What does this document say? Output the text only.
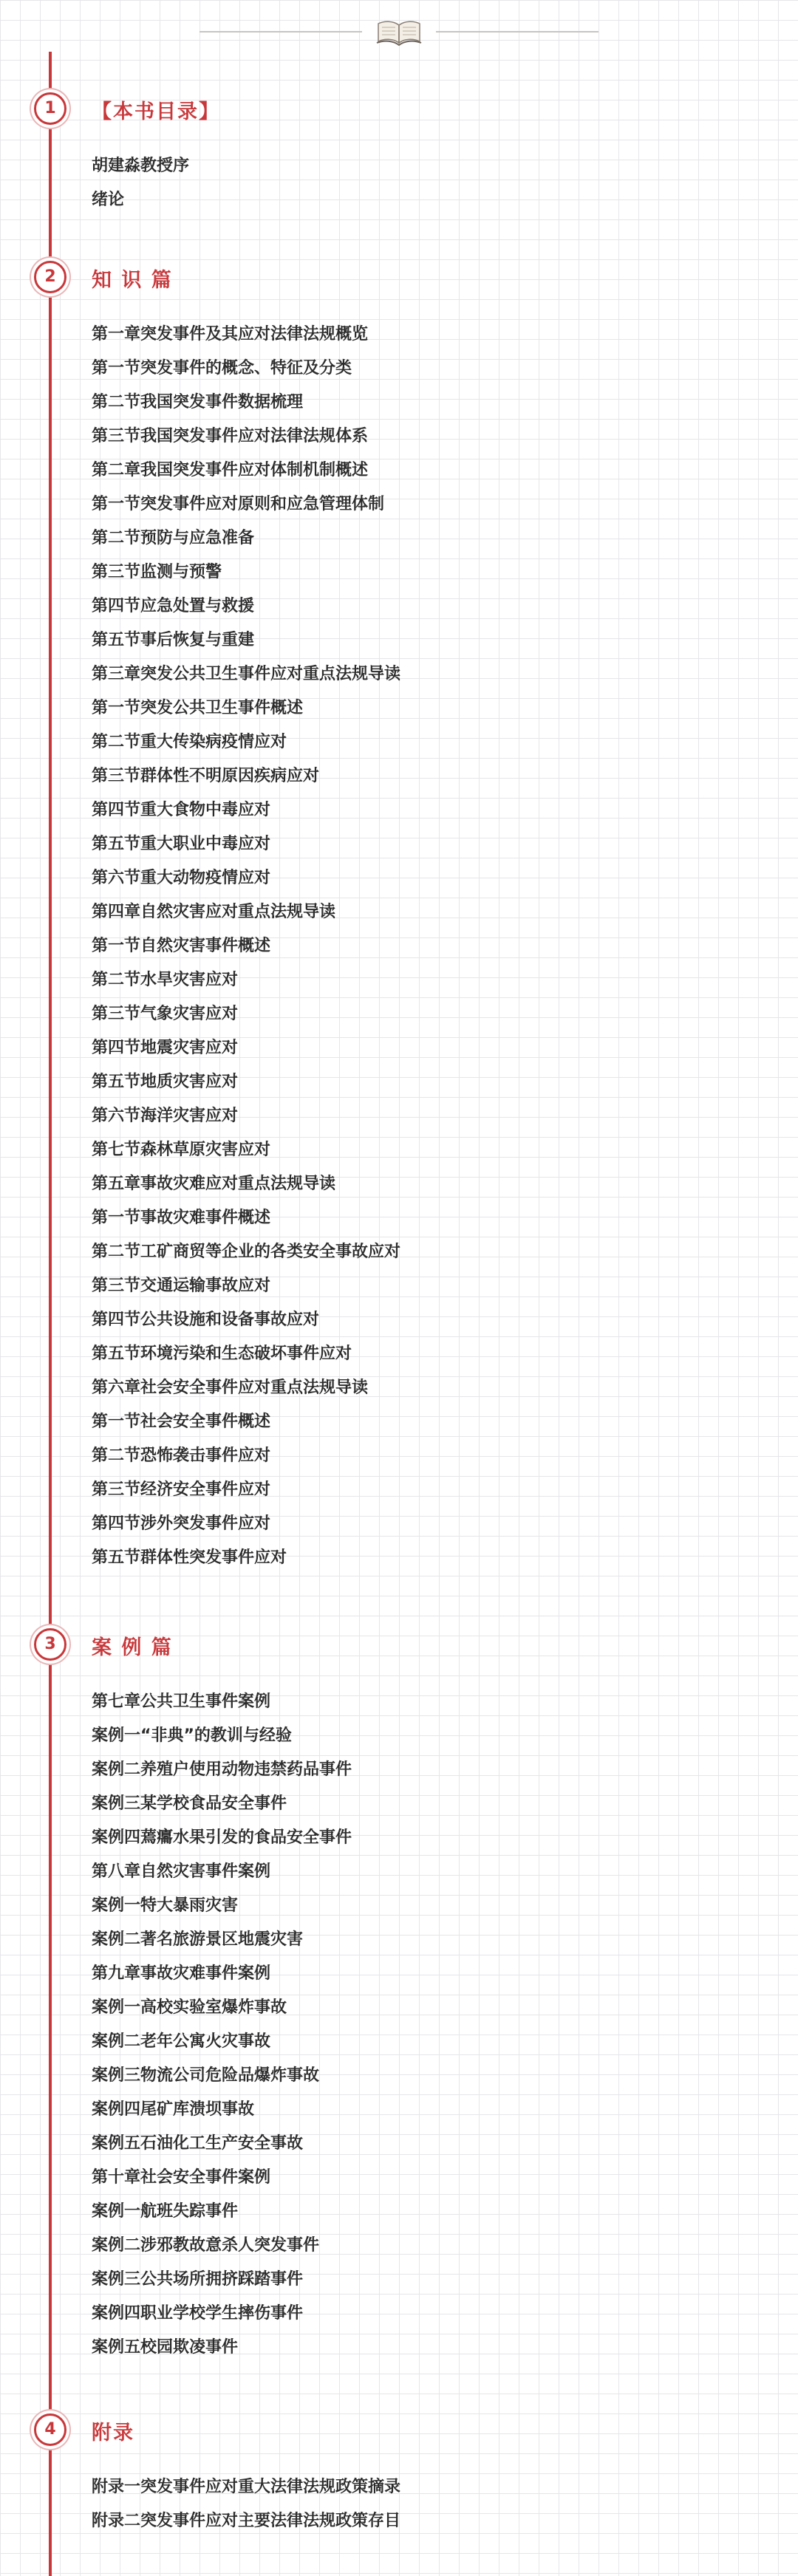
1	【本书目录】
胡建淼教授序
绪论
2	知 识 篇
第一章突发事件及其应对法律法规概览
第一节突发事件的概念、特征及分类
第二节我国突发事件数据梳理
第三节我国突发事件应对法律法规体系
第二章我国突发事件应对体制机制概述
第一节突发事件应对原则和应急管理体制
第二节预防与应急准备
第三节监测与预警
第四节应急处置与救援
第五节事后恢复与重建
第三章突发公共卫生事件应对重点法规导读
第一节突发公共卫生事件概述
第二节重大传染病疫情应对
第三节群体性不明原因疾病应对
第四节重大食物中毒应对
第五节重大职业中毒应对
第六节重大动物疫情应对
第四章自然灾害应对重点法规导读
第一节自然灾害事件概述
第二节水旱灾害应对
第三节气象灾害应对
第四节地震灾害应对
第五节地质灾害应对
第六节海洋灾害应对
第七节森林草原灾害应对
第五章事故灾难应对重点法规导读
第一节事故灾难事件概述
第二节工矿商贸等企业的各类安全事故应对
第三节交通运输事故应对
第四节公共设施和设备事故应对
第五节环境污染和生态破坏事件应对
第六章社会安全事件应对重点法规导读
第一节社会安全事件概述
第二节恐怖袭击事件应对
第三节经济安全事件应对
第四节涉外突发事件应对
第五节群体性突发事件应对
3	案 例 篇
第七章公共卫生事件案例
案例一“非典”的教训与经验
案例二养殖户使用动物违禁药品事件
案例三某学校食品安全事件
案例四蔫癟水果引发的食品安全事件
第八章自然灾害事件案例
案例一特大暴雨灾害
案例二著名旅游景区地震灾害
第九章事故灾难事件案例
案例一高校实验室爆炸事故
案例二老年公寓火灾事故
案例三物流公司危险品爆炸事故
案例四尾矿库溃坝事故
案例五石油化工生产安全事故
第十章社会安全事件案例
案例一航班失踪事件
案例二涉邪教故意杀人突发事件
案例三公共场所拥挤踩踏事件
案例四职业学校学生摔伤事件
案例五校园欺凌事件
4	附录
附录一突发事件应对重大法律法规政策摘录
附录二突发事件应对主要法律法规政策存目
